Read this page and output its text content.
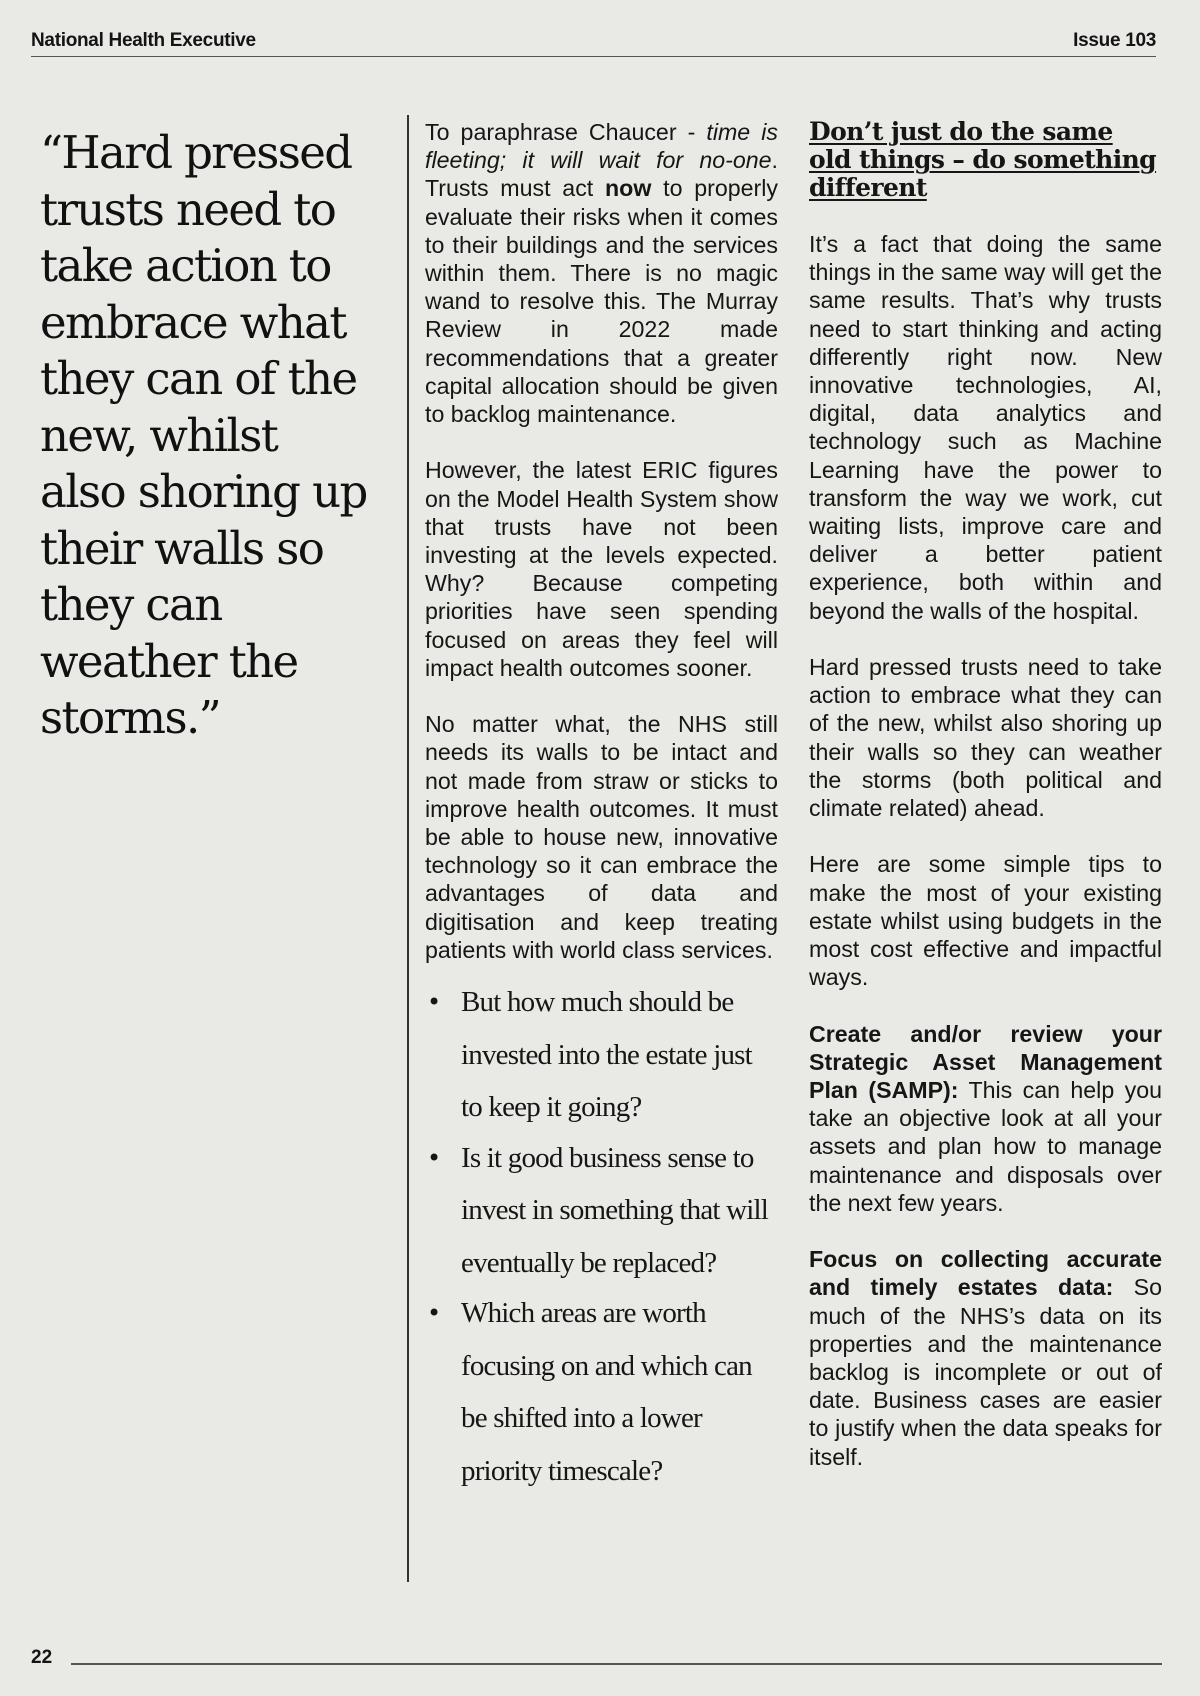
National Health Executive	Issue 103
“Hard pressed trusts need to take action to embrace what they can of the new, whilst also shoring up their walls so they can weather the storms.”

To paraphrase Chaucer - time is fleeting; it will wait for no-one. Trusts must act now to properly evaluate their risks when it comes to their buildings and the services within them. There is no magic wand to resolve this. The Murray Review in 2022 made recommendations that a greater capital allocation should be given to backlog maintenance.

However, the latest ERIC figures on the Model Health System show that trusts have not been investing at the levels expected. Why? Because competing priorities have seen spending focused on areas they feel will impact health outcomes sooner.

No matter what, the NHS still needs its walls to be intact and not made from straw or sticks to improve health outcomes. It must be able to house new, innovative technology so it can embrace the advantages of data and digitisation and keep treating patients with world class services.

• But how much should be invested into the estate just to keep it going?
• Is it good business sense to invest in something that will eventually be replaced?
• Which areas are worth focusing on and which can be shifted into a lower priority timescale?
Don’t just do the same old things – do something different

It’s a fact that doing the same things in the same way will get the same results. That’s why trusts need to start thinking and acting differently right now. New innovative technologies, AI, digital, data analytics and technology such as Machine Learning have the power to transform the way we work, cut waiting lists, improve care and deliver a better patient experience, both within and beyond the walls of the hospital.

Hard pressed trusts need to take action to embrace what they can of the new, whilst also shoring up their walls so they can weather the storms (both political and climate related) ahead.

Here are some simple tips to make the most of your existing estate whilst using budgets in the most cost effective and impactful ways.

Create and/or review your Strategic Asset Management Plan (SAMP): This can help you take an objective look at all your assets and plan how to manage maintenance and disposals over the next few years.

Focus on collecting accurate and timely estates data: So much of the NHS’s data on its properties and the maintenance backlog is incomplete or out of date. Business cases are easier to justify when the data speaks for itself.

22
